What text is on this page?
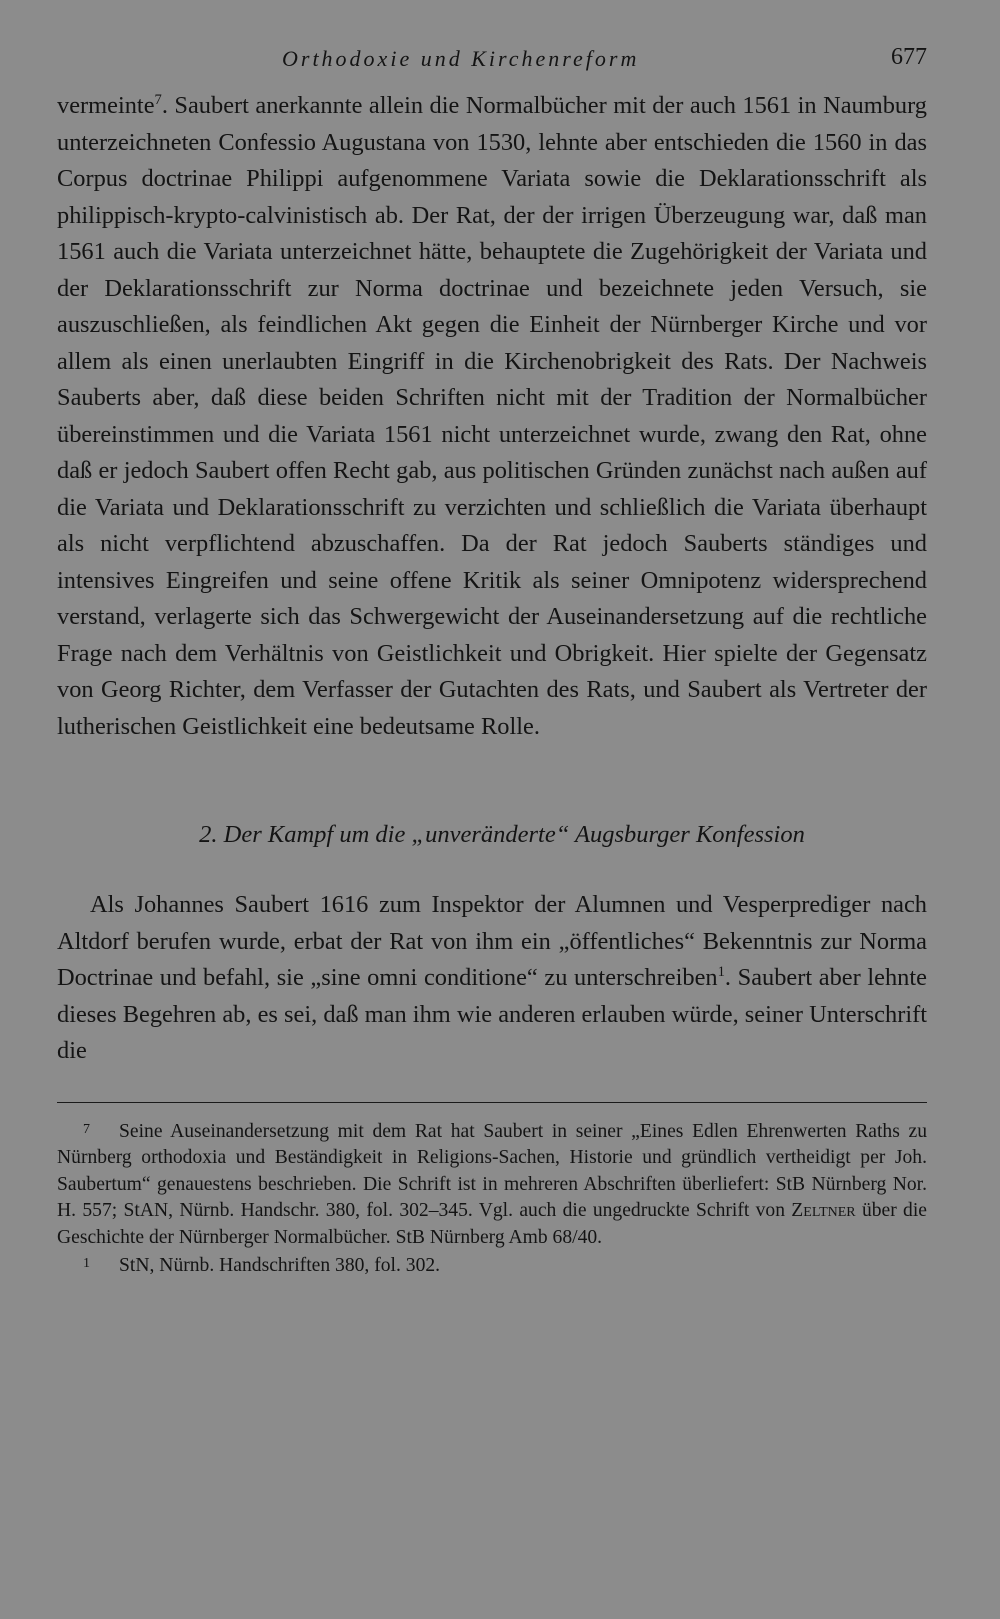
Orthodoxie und Kirchenreform	677

vermeinte$^7$. Saubert anerkannte allein die Normalbücher mit der auch 1561 in Naumburg unterzeichneten Confessio Augustana von 1530, lehnte aber entschieden die 1560 in das Corpus doctrinae Philippi aufgenommene Variata sowie die Deklarationsschrift als philippisch-krypto-calvinistisch ab. Der Rat, der der irrigen Überzeugung war, daß man 1561 auch die Variata unterzeichnet hätte, behauptete die Zugehörigkeit der Variata und der Deklarationsschrift zur Norma doctrinae und bezeichnete jeden Versuch, sie auszuschließen, als feindlichen Akt gegen die Einheit der Nürnberger Kirche und vor allem als einen unerlaubten Eingriff in die Kirchenobrigkeit des Rats. Der Nachweis Sauberts aber, daß diese beiden Schriften nicht mit der Tradition der Normalbücher übereinstimmen und die Variata 1561 nicht unterzeichnet wurde, zwang den Rat, ohne daß er jedoch Saubert offen Recht gab, aus politischen Gründen zunächst nach außen auf die Variata und Deklarationsschrift zu verzichten und schließlich die Variata überhaupt als nicht verpflichtend abzuschaffen. Da der Rat jedoch Sauberts ständiges und intensives Eingreifen und seine offene Kritik als seiner Omnipotenz widersprechend verstand, verlagerte sich das Schwergewicht der Auseinandersetzung auf die rechtliche Frage nach dem Verhältnis von Geistlichkeit und Obrigkeit. Hier spielte der Gegensatz von Georg Richter, dem Verfasser der Gutachten des Rats, und Saubert als Vertreter der lutherischen Geistlichkeit eine bedeutsame Rolle.

2. Der Kampf um die „unveränderte“ Augsburger Konfession

Als Johannes Saubert 1616 zum Inspektor der Alumnen und Vesperprediger nach Altdorf berufen wurde, erbat der Rat von ihm ein „öffentliches“ Bekenntnis zur Norma Doctrinae und befahl, sie „sine omni conditione“ zu unterschreiben$^1$. Saubert aber lehnte dieses Begehren ab, es sei, daß man ihm wie anderen erlauben würde, seiner Unterschrift die

7 Seine Auseinandersetzung mit dem Rat hat Saubert in seiner „Eines Edlen Ehrenwerten Raths zu Nürnberg orthodoxia und Beständigkeit in Religions-Sachen, Historie und gründlich vertheidigt per Joh. Saubertum“ genauestens beschrieben. Die Schrift ist in mehreren Abschriften überliefert: StB Nürnberg Nor. H. 557; StAN, Nürnb. Handschr. 380, fol. 302–345. Vgl. auch die ungedruckte Schrift von Zeltner über die Geschichte der Nürnberger Normalbücher. StB Nürnberg Amb 68/40.

1 StN, Nürnb. Handschriften 380, fol. 302.
